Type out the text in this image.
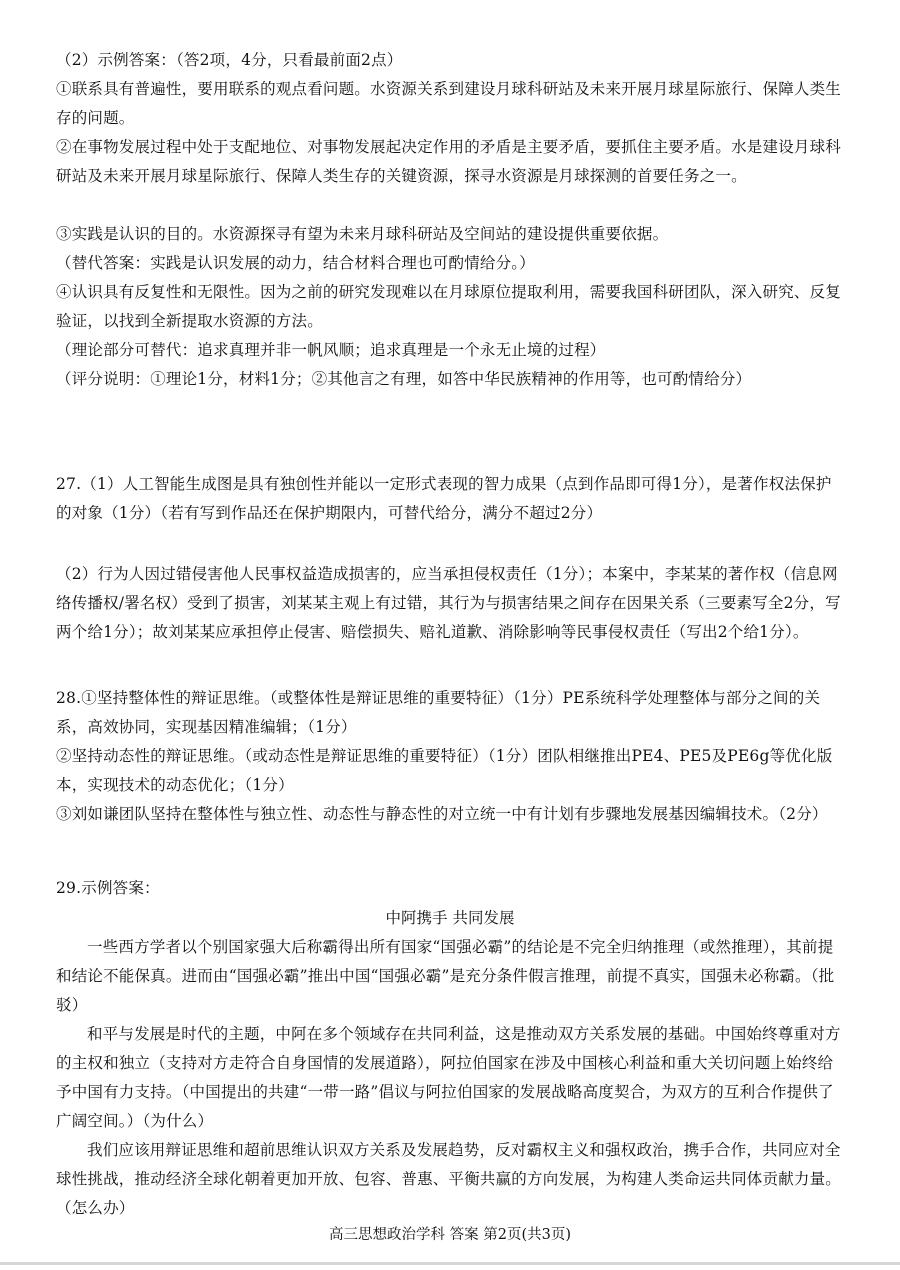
（2）示例答案：（答2项，4分，只看最前面2点）
①联系具有普遍性，要用联系的观点看问题。水资源关系到建设月球科研站及未来开展月球星际旅行、保障人类生存的问题。
②在事物发展过程中处于支配地位、对事物发展起决定作用的矛盾是主要矛盾，要抓住主要矛盾。水是建设月球科研站及未来开展月球星际旅行、保障人类生存的关键资源，探寻水资源是月球探测的首要任务之一。
③实践是认识的目的。水资源探寻有望为未来月球科研站及空间站的建设提供重要依据。
（替代答案：实践是认识发展的动力，结合材料合理也可酌情给分。）
④认识具有反复性和无限性。因为之前的研究发现难以在月球原位提取利用，需要我国科研团队，深入研究、反复验证，以找到全新提取水资源的方法。
（理论部分可替代：追求真理并非一帆风顺；追求真理是一个永无止境的过程）
（评分说明：①理论1分，材料1分；②其他言之有理，如答中华民族精神的作用等，也可酌情给分）
27.（1）人工智能生成图是具有独创性并能以一定形式表现的智力成果（点到作品即可得1分），是著作权法保护的对象（1分）（若有写到作品还在保护期限内，可替代给分，满分不超过2分）
（2）行为人因过错侵害他人民事权益造成损害的，应当承担侵权责任（1分）；本案中，李某某的著作权（信息网络传播权/署名权）受到了损害，刘某某主观上有过错，其行为与损害结果之间存在因果关系（三要素写全2分，写两个给1分）；故刘某某应承担停止侵害、赔偿损失、赔礼道歉、消除影响等民事侵权责任（写出2个给1分）。
28.①坚持整体性的辩证思维。（或整体性是辩证思维的重要特征）（1分）PE系统科学处理整体与部分之间的关系，高效协同，实现基因精准编辑；（1分）
②坚持动态性的辩证思维。（或动态性是辩证思维的重要特征）（1分）团队相继推出PE4、PE5及PE6g等优化版本，实现技术的动态优化；（1分）
③刘如谦团队坚持在整体性与独立性、动态性与静态性的对立统一中有计划有步骤地发展基因编辑技术。（2分）
29.示例答案：
中阿携手 共同发展
一些西方学者以个别国家强大后称霸得出所有国家“国强必霸”的结论是不完全归纳推理（或然推理），其前提和结论不能保真。进而由“国强必霸”推出中国“国强必霸”是充分条件假言推理，前提不真实，国强未必称霸。（批驳）
和平与发展是时代的主题，中阿在多个领域存在共同利益，这是推动双方关系发展的基础。中国始终尊重对方的主权和独立（支持对方走符合自身国情的发展道路），阿拉伯国家在涉及中国核心利益和重大关切问题上始终给予中国有力支持。（中国提出的共建“一带一路”倡议与阿拉伯国家的发展战略高度契合，为双方的互利合作提供了广阔空间。）（为什么）
我们应该用辩证思维和超前思维认识双方关系及发展趋势，反对霸权主义和强权政治，携手合作，共同应对全球性挑战，推动经济全球化朝着更加开放、包容、普惠、平衡共赢的方向发展，为构建人类命运共同体贡献力量。（怎么办）
高三思想政治学科 答案 第2页(共3页)
